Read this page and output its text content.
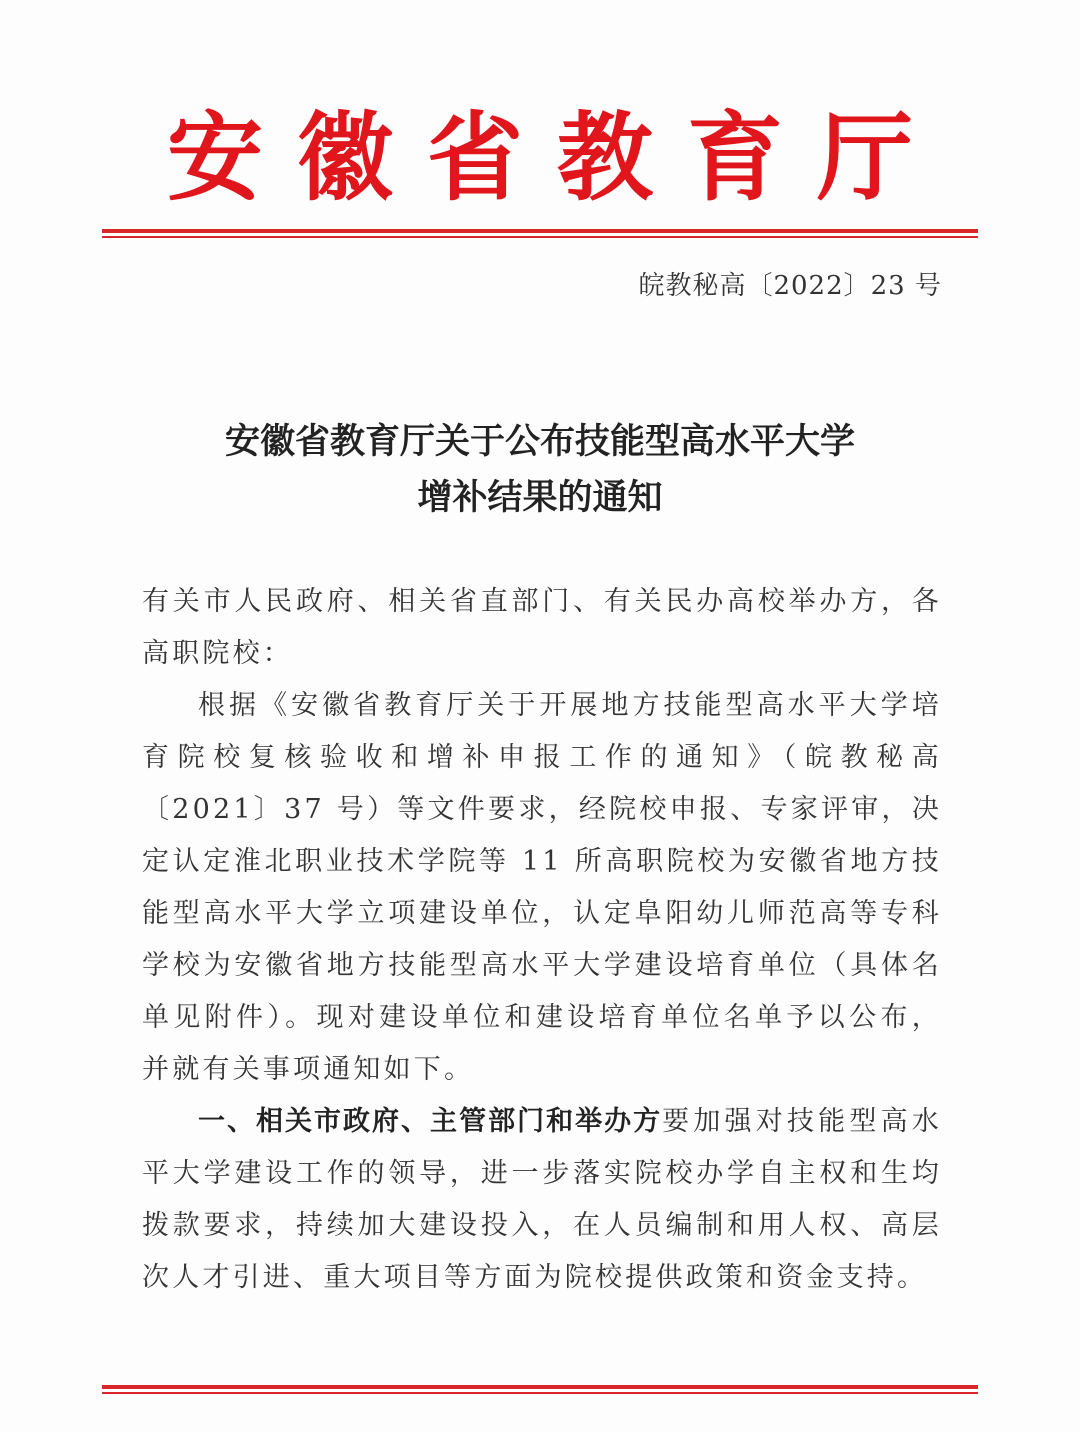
安徽省教育厅
皖教秘高〔2022〕23 号
安徽省教育厅关于公布技能型高水平大学
增补结果的通知

有关市人民政府、相关省直部门、有关民办高校举办方，各高职院校：

根据《安徽省教育厅关于开展地方技能型高水平大学培育院校复核验收和增补申报工作的通知》（皖教秘高〔2021〕37 号）等文件要求，经院校申报、专家评审，决定认定淮北职业技术学院等 11 所高职院校为安徽省地方技能型高水平大学立项建设单位，认定阜阳幼儿师范高等专科学校为安徽省地方技能型高水平大学建设培育单位（具体名单见附件）。现对建设单位和建设培育单位名单予以公布，并就有关事项通知如下。

一、相关市政府、主管部门和举办方要加强对技能型高水平大学建设工作的领导，进一步落实院校办学自主权和生均拨款要求，持续加大建设投入，在人员编制和用人权、高层次人才引进、重大项目等方面为院校提供政策和资金支持。
